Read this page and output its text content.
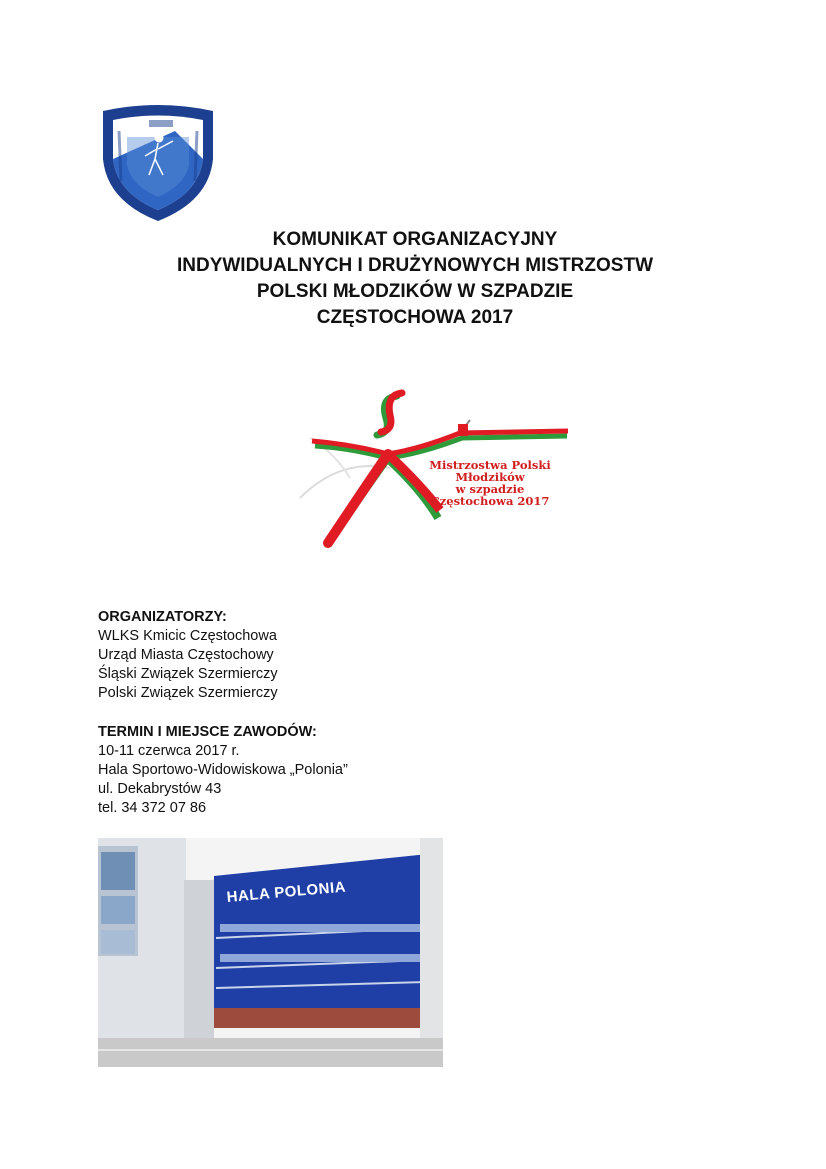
KOMUNIKAT ORGANIZACYJNY
INDYWIDUALNYCH I DRUŻYNOWYCH MISTRZOSTW
POLSKI MŁODZIKÓW W SZPADZIE
CZĘSTOCHOWA 2017
Mistrzostwa Polski Młodzików
w szpadzie
Częstochowa 2017
ORGANIZATORZY:
WLKS Kmicic Częstochowa
Urząd Miasta Częstochowy
Śląski Związek Szermierczy
Polski Związek Szermierczy
TERMIN I MIEJSCE ZAWODÓW:
10-11 czerwca 2017 r.
Hala Sportowo-Widowiskowa „Polonia”
ul. Dekabrystów 43
tel. 34 372 07 86
HALA POLONIA
